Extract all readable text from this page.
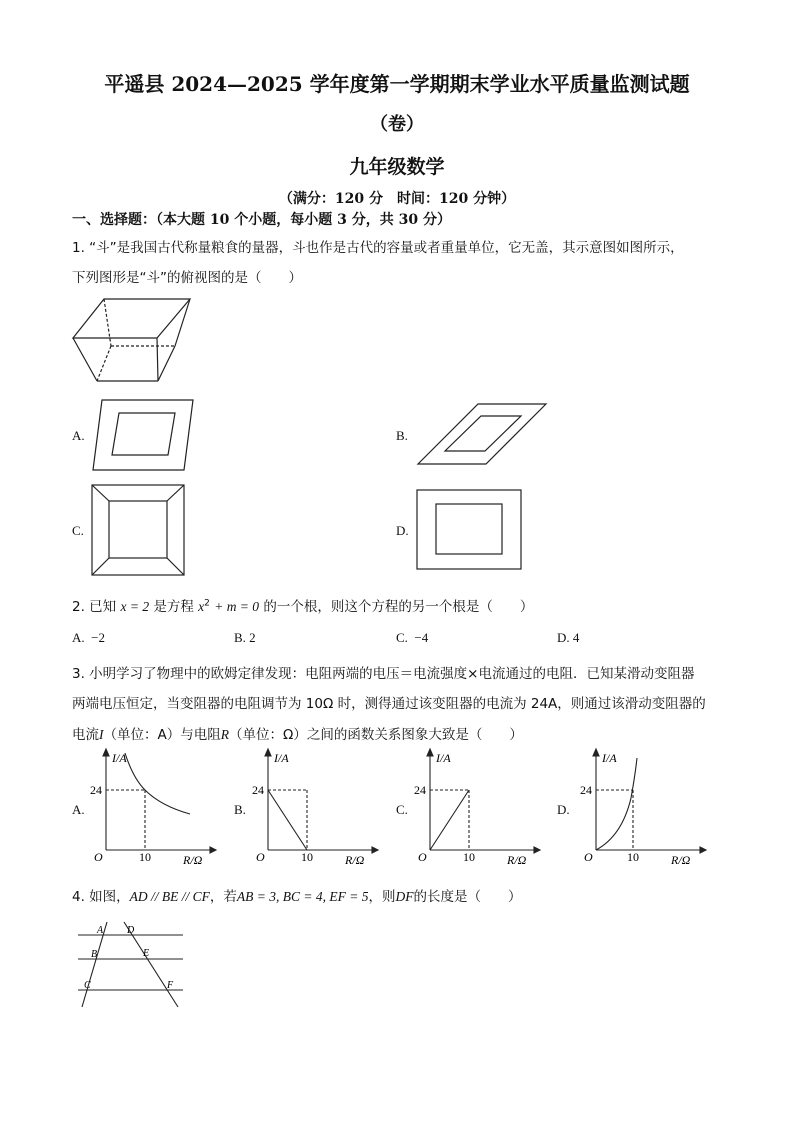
平遥县 2024—2025 学年度第一学期期末学业水平质量监测试题
（卷）
九年级数学
（满分：120 分　时间：120 分钟）
一、选择题：（本大题 10 个小题，每小题 3 分，共 30 分）
1. “斗”是我国古代称量粮食的量器，斗也作是古代的容量或者重量单位，它无盖，其示意图如图所示，
下列图形是“斗”的俯视图的是（　　）
A.	B.
C.	D.
2. 已知 x = 2 是方程 $x^2 + m = 0$ 的一个根，则这个方程的另一个根是（　　）
A. −2	B. 2	C. −4	D. 4
3. 小明学习了物理中的欧姆定律发现：电阻两端的电压＝电流强度×电流通过的电阻．已知某滑动变阻器
两端电压恒定，当变阻器的电阻调节为 10Ω 时，测得通过该变阻器的电流为 24A，则通过该滑动变阻器的
电流I（单位：A）与电阻R（单位：Ω）之间的函数关系图象大致是（　　）
A.
I/A
24
O	10	R/Ω
B.
I/A
24
O	10	R/Ω
C.
I/A
24
O	10	R/Ω
D.
I/A
24
O	10	R/Ω
4. 如图，AD // BE // CF，若AB = 3, BC = 4, EF = 5，则DF的长度是（　　）
A D
B	E
C	F
